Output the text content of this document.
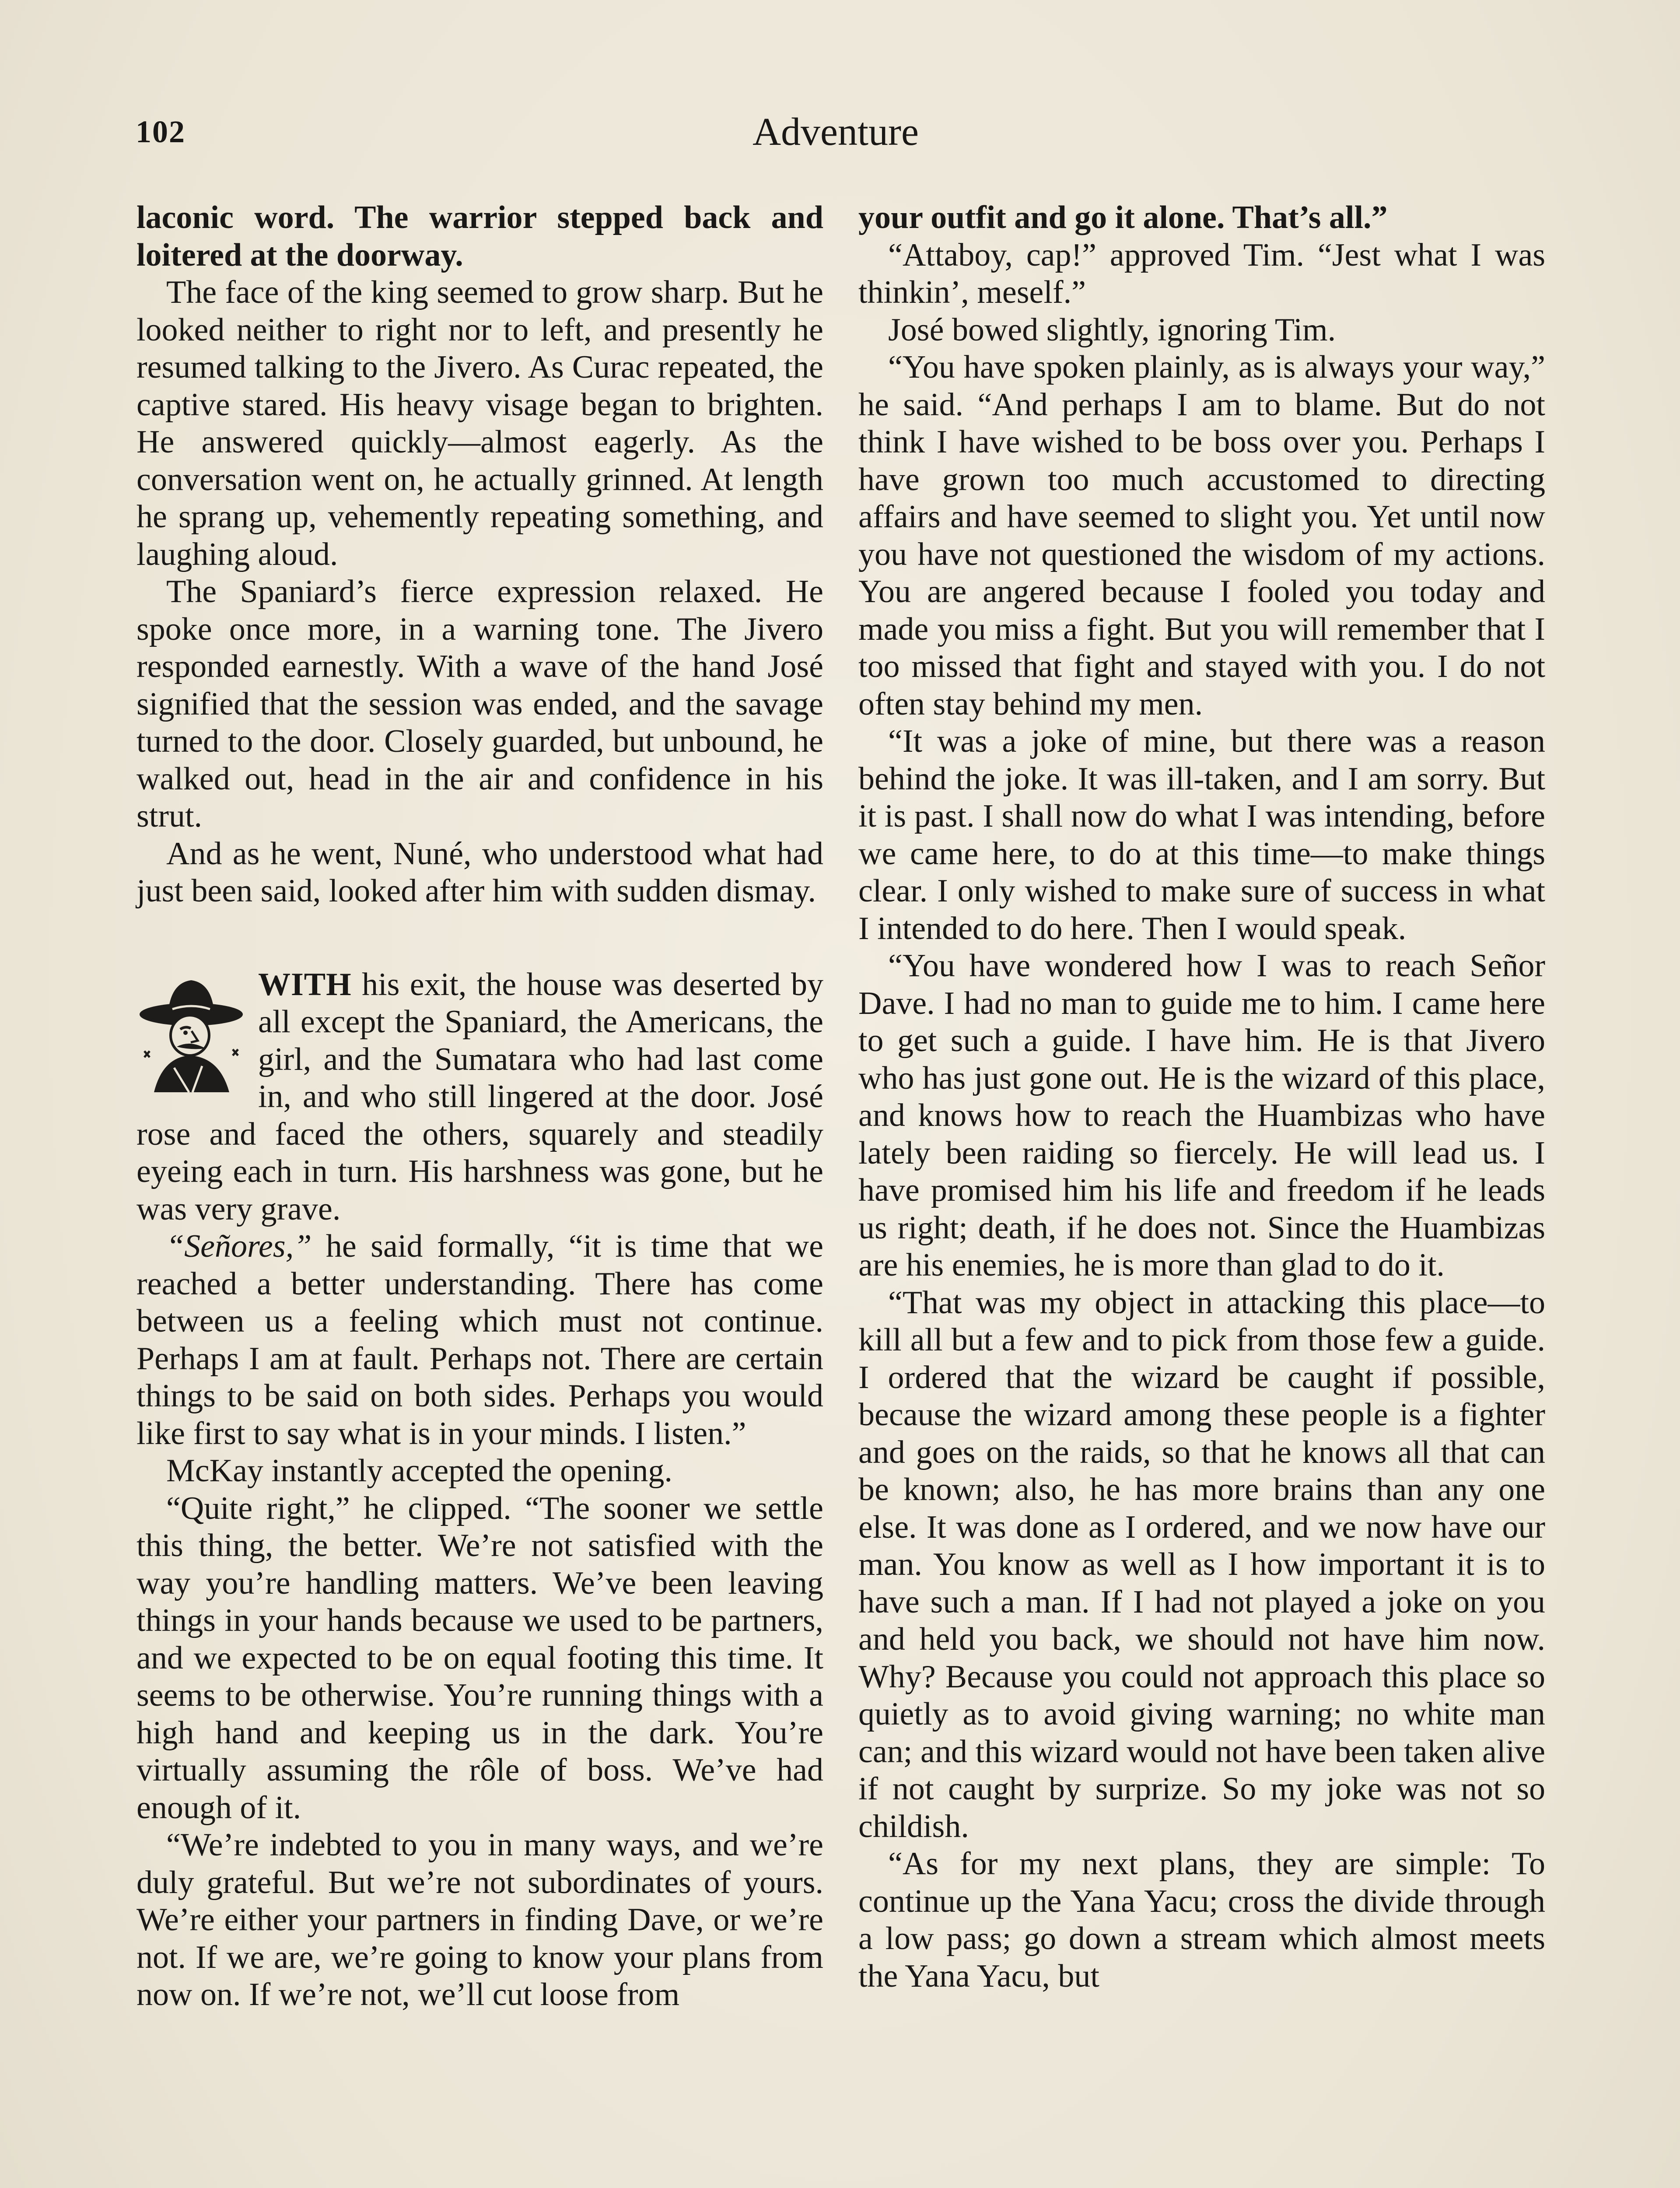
102	Adventure

laconic word. The warrior stepped back and loitered at the doorway.

The face of the king seemed to grow sharp. But he looked neither to right nor to left, and presently he resumed talking to the Jivero. As Curac repeated, the captive stared. His heavy visage began to brighten. He answered quickly—almost eagerly. As the conversation went on, he actually grinned. At length he sprang up, vehemently repeating something, and laughing aloud.

The Spaniard’s fierce expression relaxed. He spoke once more, in a warning tone. The Jivero responded earnestly. With a wave of the hand José signified that the session was ended, and the savage turned to the door. Closely guarded, but unbound, he walked out, head in the air and confidence in his strut.

And as he went, Nuné, who understood what had just been said, looked after him with sudden dismay.

WITH his exit, the house was deserted by all except the Spaniard, the Americans, the girl, and the Sumatara who had last come in, and who still lingered at the door. José rose and faced the others, squarely and steadily eyeing each in turn. His harshness was gone, but he was very grave.

“Señores,” he said formally, “it is time that we reached a better understanding. There has come between us a feeling which must not continue. Perhaps I am at fault. Perhaps not. There are certain things to be said on both sides. Perhaps you would like first to say what is in your minds. I listen.”

McKay instantly accepted the opening.

“Quite right,” he clipped. “The sooner we settle this thing, the better. We’re not satisfied with the way you’re handling matters. We’ve been leaving things in your hands because we used to be partners, and we expected to be on equal footing this time. It seems to be otherwise. You’re running things with a high hand and keeping us in the dark. You’re virtually assuming the rôle of boss. We’ve had enough of it.

“We’re indebted to you in many ways, and we’re duly grateful. But we’re not subordinates of yours. We’re either your partners in finding Dave, or we’re not. If we are, we’re going to know your plans from now on. If we’re not, we’ll cut loose from

your outfit and go it alone. That’s all.”

“Attaboy, cap!” approved Tim. “Jest what I was thinkin’, meself.”

José bowed slightly, ignoring Tim.

“You have spoken plainly, as is always your way,” he said. “And perhaps I am to blame. But do not think I have wished to be boss over you. Perhaps I have grown too much accustomed to directing affairs and have seemed to slight you. Yet until now you have not questioned the wisdom of my actions. You are angered because I fooled you today and made you miss a fight. But you will remember that I too missed that fight and stayed with you. I do not often stay behind my men.

“It was a joke of mine, but there was a reason behind the joke. It was ill-taken, and I am sorry. But it is past. I shall now do what I was intending, before we came here, to do at this time—to make things clear. I only wished to make sure of success in what I intended to do here. Then I would speak.

“You have wondered how I was to reach Señor Dave. I had no man to guide me to him. I came here to get such a guide. I have him. He is that Jivero who has just gone out. He is the wizard of this place, and knows how to reach the Huambizas who have lately been raiding so fiercely. He will lead us. I have promised him his life and freedom if he leads us right; death, if he does not. Since the Huambizas are his enemies, he is more than glad to do it.

“That was my object in attacking this place—to kill all but a few and to pick from those few a guide. I ordered that the wizard be caught if possible, because the wizard among these people is a fighter and goes on the raids, so that he knows all that can be known; also, he has more brains than any one else. It was done as I ordered, and we now have our man. You know as well as I how important it is to have such a man. If I had not played a joke on you and held you back, we should not have him now. Why? Because you could not approach this place so quietly as to avoid giving warning; no white man can; and this wizard would not have been taken alive if not caught by surprize. So my joke was not so childish.

“As for my next plans, they are simple: To continue up the Yana Yacu; cross the divide through a low pass; go down a stream which almost meets the Yana Yacu, but
